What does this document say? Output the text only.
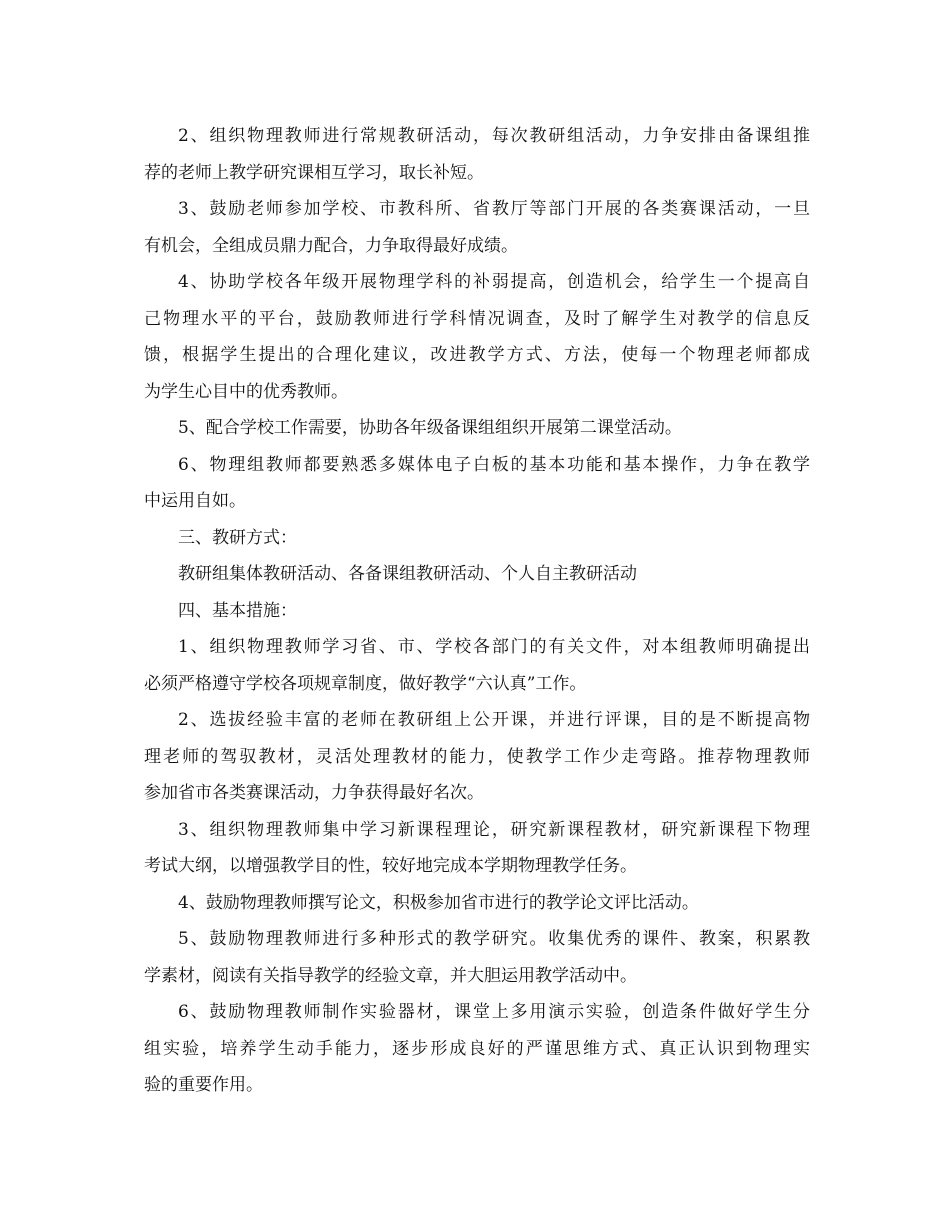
2、组织物理教师进行常规教研活动，每次教研组活动，力争安排由备课组推
荐的老师上教学研究课相互学习，取长补短。

3、鼓励老师参加学校、市教科所、省教厅等部门开展的各类赛课活动，一旦
有机会，全组成员鼎力配合，力争取得最好成绩。

4、协助学校各年级开展物理学科的补弱提高，创造机会，给学生一个提高自
己物理水平的平台，鼓励教师进行学科情况调查，及时了解学生对教学的信息反
馈，根据学生提出的合理化建议，改进教学方式、方法，使每一个物理老师都成
为学生心目中的优秀教师。

5、配合学校工作需要，协助各年级备课组组织开展第二课堂活动。

6、物理组教师都要熟悉多媒体电子白板的基本功能和基本操作，力争在教学
中运用自如。

三、教研方式：

教研组集体教研活动、各备课组教研活动、个人自主教研活动

四、基本措施：

1、组织物理教师学习省、市、学校各部门的有关文件，对本组教师明确提出
必须严格遵守学校各项规章制度，做好教学“六认真”工作。

2、选拔经验丰富的老师在教研组上公开课，并进行评课，目的是不断提高物
理老师的驾驭教材，灵活处理教材的能力，使教学工作少走弯路。推荐物理教师
参加省市各类赛课活动，力争获得最好名次。

3、组织物理教师集中学习新课程理论，研究新课程教材，研究新课程下物理
考试大纲，以增强教学目的性，较好地完成本学期物理教学任务。

4、鼓励物理教师撰写论文，积极参加省市进行的教学论文评比活动。

5、鼓励物理教师进行多种形式的教学研究。收集优秀的课件、教案，积累教
学素材，阅读有关指导教学的经验文章，并大胆运用教学活动中。

6、鼓励物理教师制作实验器材，课堂上多用演示实验，创造条件做好学生分
组实验，培养学生动手能力，逐步形成良好的严谨思维方式、真正认识到物理实
验的重要作用。
